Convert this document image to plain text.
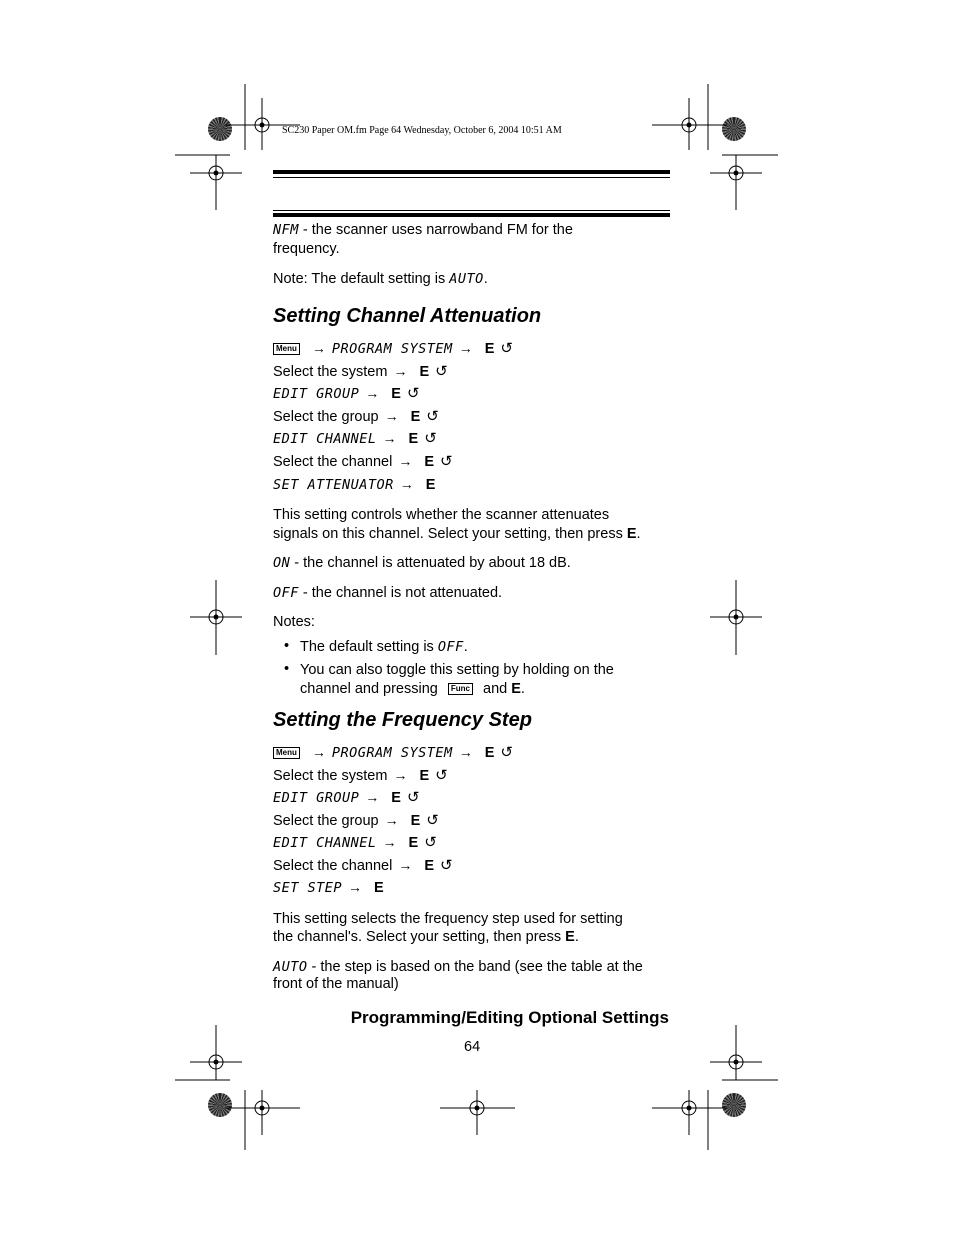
SC230 Paper OM.fm Page 64 Wednesday, October 6, 2004 10:51 AM
NFM - the scanner uses narrowband FM for the
frequency.
Note: The default setting is AUTO.
Setting Channel Attenuation
Menu → PROGRAM SYSTEM → E ↺
Select the system → E ↺
EDIT GROUP → E ↺
Select the group → E ↺
EDIT CHANNEL → E ↺
Select the channel → E ↺
SET ATTENUATOR → E
This setting controls whether the scanner attenuates
signals on this channel. Select your setting, then press E.
ON - the channel is attenuated by about 18 dB.
OFF - the channel is not attenuated.
Notes:
• The default setting is OFF.
• You can also toggle this setting by holding on the
channel and pressing Func and E.
Setting the Frequency Step
Menu → PROGRAM SYSTEM → E ↺
Select the system → E ↺
EDIT GROUP → E ↺
Select the group → E ↺
EDIT CHANNEL → E ↺
Select the channel → E ↺
SET STEP → E
This setting selects the frequency step used for setting
the channel's. Select your setting, then press E.
AUTO - the step is based on the band (see the table at the
front of the manual)
Programming/Editing Optional Settings
64
